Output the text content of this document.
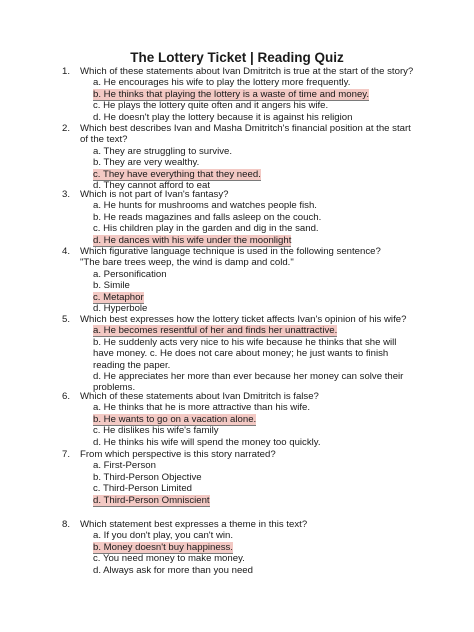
The Lottery Ticket | Reading Quiz
1. Which of these statements about Ivan Dmitritch is true at the start of the story?
a. He encourages his wife to play the lottery more frequently.
b. He thinks that playing the lottery is a waste of time and money.
c. He plays the lottery quite often and it angers his wife.
d. He doesn't play the lottery because it is against his religion
2. Which best describes Ivan and Masha Dmitritch's financial position at the start
of the text?
a. They are struggling to survive.
b. They are very wealthy.
c. They have everything that they need.
d. They cannot afford to eat
3. Which is not part of Ivan's fantasy?
a. He hunts for mushrooms and watches people fish.
b. He reads magazines and falls asleep on the couch.
c. His children play in the garden and dig in the sand.
d. He dances with his wife under the moonlight
4. Which figurative language technique is used in the following sentence?
"The bare trees weep, the wind is damp and cold."
a. Personification
b. Simile
c. Metaphor
d. Hyperbole
5. Which best expresses how the lottery ticket affects Ivan's opinion of his wife?
a. He becomes resentful of her and finds her unattractive.
b. He suddenly acts very nice to his wife because he thinks that she will have money. c. He does not care about money; he just wants to finish reading the paper.
d. He appreciates her more than ever because her money can solve their problems.
6. Which of these statements about Ivan Dmitritch is false?
a. He thinks that he is more attractive than his wife.
b. He wants to go on a vacation alone.
c. He dislikes his wife's family
d. He thinks his wife will spend the money too quickly.
7. From which perspective is this story narrated?
a. First-Person
b. Third-Person Objective
c. Third-Person Limited
d. Third-Person Omniscient
8. Which statement best expresses a theme in this text?
a. If you don't play, you can't win.
b. Money doesn't buy happiness.
c. You need money to make money.
d. Always ask for more than you need
